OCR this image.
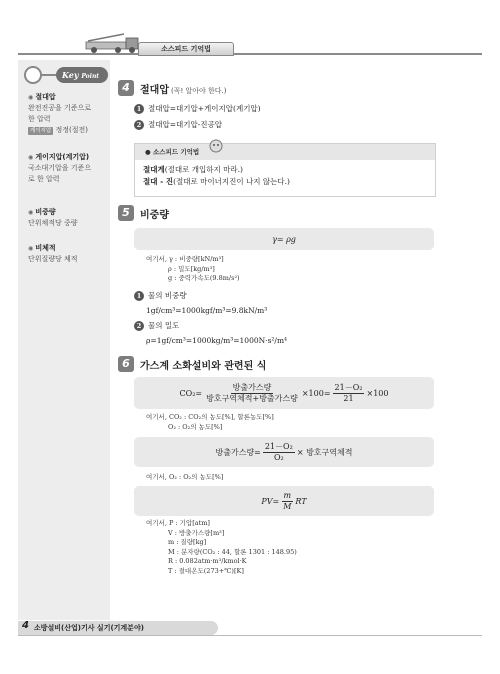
소스피드 기억법
Key Point
◉ 절대압
완전진공을 기준으로
한 압력
게이지압 정정(절전)
◉ 게이지압(계기압)
국소대기압을 기준으
로 한 압력
◉ 비중량
단위체적당 중량
◉ 비체적
단위질량당 체적
4	절대압 (꼭! 알아야 한다.)
1 절대압=대기압+게이지압(계기압)
2 절대압=대기압-진공압
● 소스피드 기억법
절대게(절대로 개입하지 마라.)
절대 - 진(절대로 마이너지진이 나지 않는다.)
5	비중량
γ= ρg
여기서, γ : 비중량[kN/m³]
ρ : 밀도[kg/m³]
g : 중력가속도(9.8m/s²)
1 물의 비중량
1gf/cm³=1000kgf/m³=9.8kN/m³
2 물의 밀도
ρ=1gf/cm³=1000kg/m³=1000N·s²/m⁴
6	가스계 소화설비와 관련된 식
$CO_2= \frac{\text{방출가스량}}{\text{방호구역체적+방출가스량}} \times 100= \frac{\text{21－O₂}}{21} \times 100$
여기서, CO₂ : CO₂의 농도[%], 할론농도[%]
O₂ : O₂의 농도[%]
방출가스량= $\frac{\text{21－O₂}}{\text{O₂}}$ × 방호구역체적
여기서, O₂ : O₂의 농도[%]
$PV= \frac{m}{M}$ RT
여기서, P : 기압[atm]
V : 방출가스량[m³]
m : 질량[kg]
M : 분자량(CO₂ : 44, 할론 1301 : 148.95)
R : 0.082atm·m³/kmol·K
T : 절대온도(273+℃)[K]
소방설비(산업)기사 실기(기계분야)
4
